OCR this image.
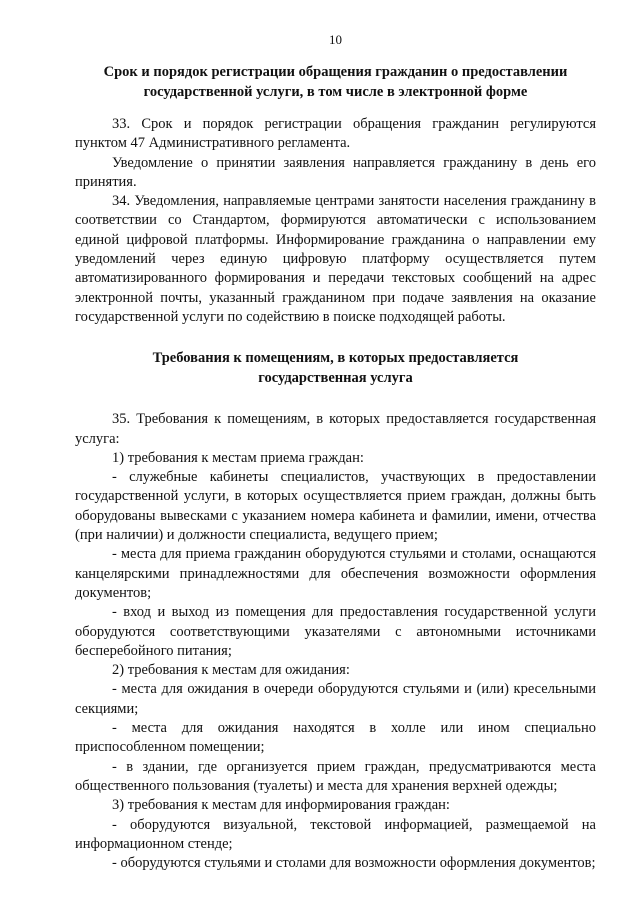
10
Срок и порядок регистрации обращения гражданин о предоставлении
государственной услуги, в том числе в электронной форме

33. Срок и порядок регистрации обращения гражданин регулируются пунктом 47 Административного регламента.

Уведомление о принятии заявления направляется гражданину в день его принятия.

34. Уведомления, направляемые центрами занятости населения гражданину в соответствии со Стандартом, формируются автоматически с использованием единой цифровой платформы. Информирование гражданина о направлении ему уведомлений через единую цифровую платформу осуществляется путем автоматизированного формирования и передачи текстовых сообщений на адрес электронной почты, указанный гражданином при подаче заявления на оказание государственной услуги по содействию в поиске подходящей работы.

Требования к помещениям, в которых предоставляется
государственная услуга

35. Требования к помещениям, в которых предоставляется государственная услуга:

1) требования к местам приема граждан:

- служебные кабинеты специалистов, участвующих в предоставлении государственной услуги, в которых осуществляется прием граждан, должны быть оборудованы вывесками с указанием номера кабинета и фамилии, имени, отчества (при наличии) и должности специалиста, ведущего прием;

- места для приема гражданин оборудуются стульями и столами, оснащаются канцелярскими принадлежностями для обеспечения возможности оформления документов;

- вход и выход из помещения для предоставления государственной услуги оборудуются соответствующими указателями с автономными источниками бесперебойного питания;

2) требования к местам для ожидания:

- места для ожидания в очереди оборудуются стульями и (или) кресельными секциями;

- места для ожидания находятся в холле или ином специально приспособленном помещении;

- в здании, где организуется прием граждан, предусматриваются места общественного пользования (туалеты) и места для хранения верхней одежды;

3) требования к местам для информирования граждан:

- оборудуются визуальной, текстовой информацией, размещаемой на информационном стенде;

- оборудуются стульями и столами для возможности оформления документов;
